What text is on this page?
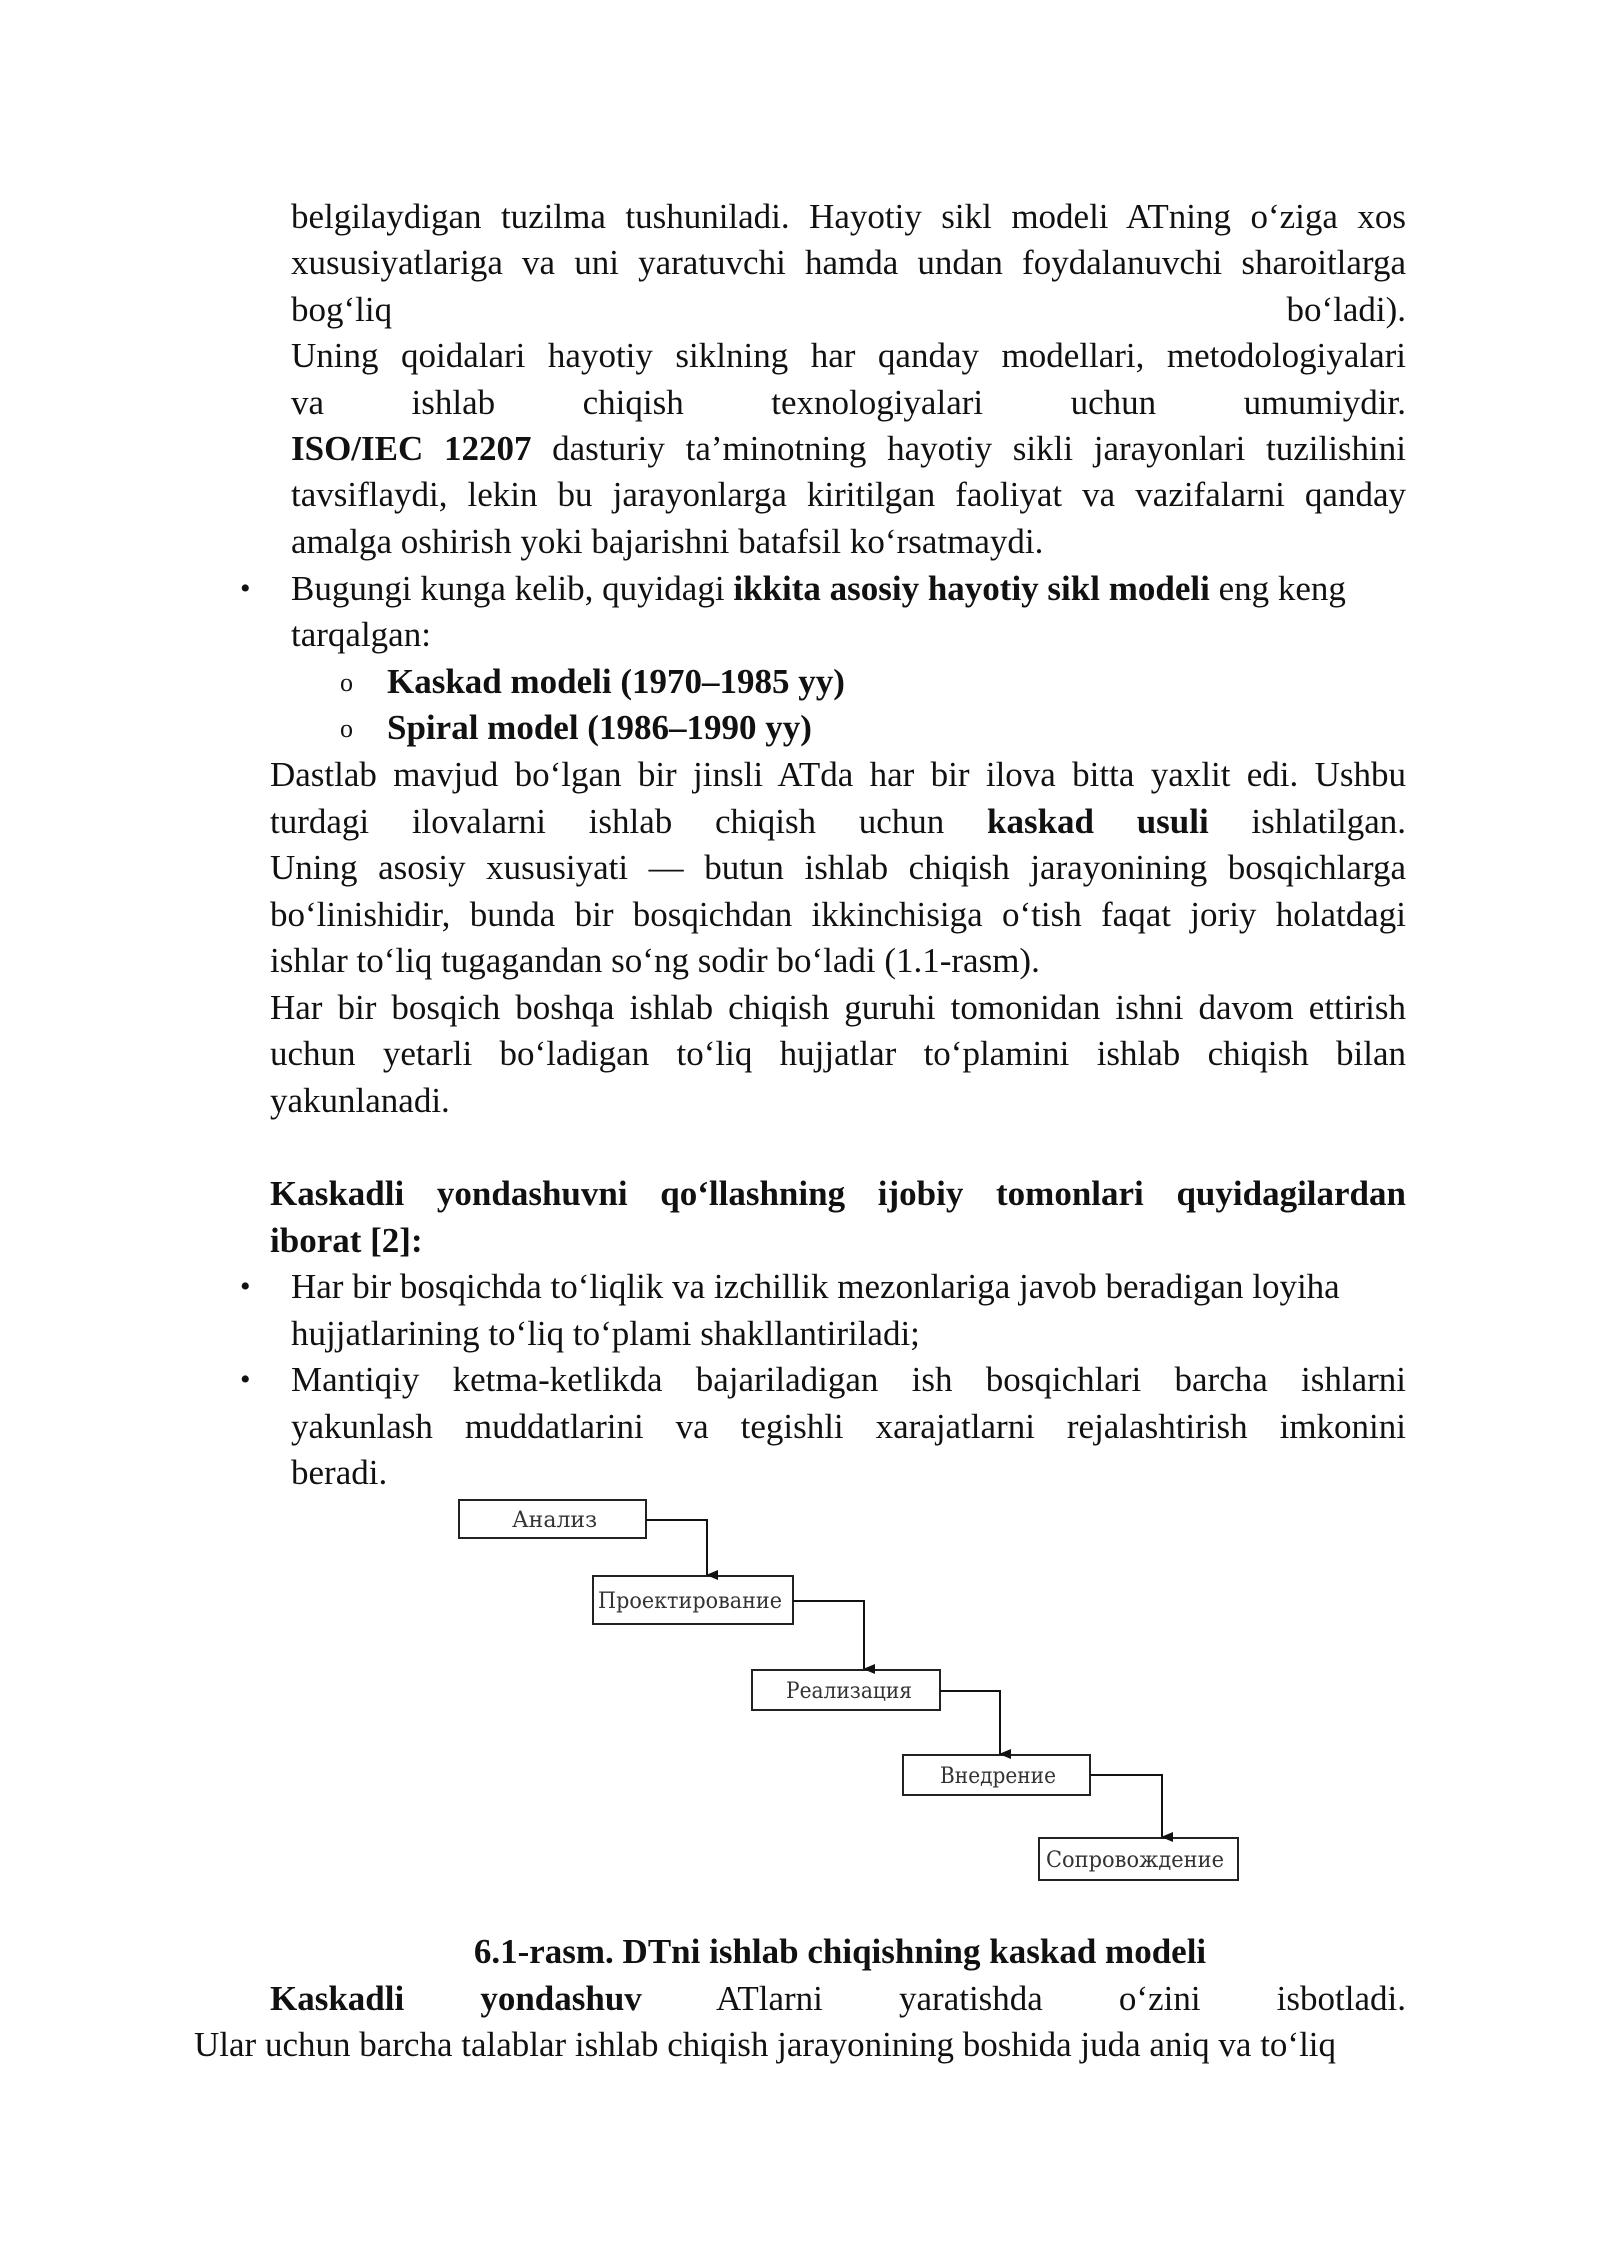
belgilaydigan tuzilma tushuniladi. Hayotiy sikl modeli ATning o‘ziga xos
xususiyatlariga va uni yaratuvchi hamda undan foydalanuvchi sharoitlarga
bog‘liq	bo‘ladi).
Uning qoidalari hayotiy siklning har qanday modellari, metodologiyalari
va ishlab chiqish texnologiyalari uchun umumiydir.
ISO/IEC 12207 dasturiy ta’minotning hayotiy sikli jarayonlari tuzilishini
tavsiflaydi, lekin bu jarayonlarga kiritilgan faoliyat va vazifalarni qanday
amalga oshirish yoki bajarishni batafsil ko‘rsatmaydi.
• Bugungi kunga kelib, quyidagi ikkita asosiy hayotiy sikl modeli eng keng
tarqalgan:
o Kaskad modeli (1970–1985 yy)
o Spiral model (1986–1990 yy)
Dastlab mavjud bo‘lgan bir jinsli ATda har bir ilova bitta yaxlit edi. Ushbu
turdagi ilovalarni ishlab chiqish uchun kaskad usuli ishlatilgan.
Uning asosiy xususiyati — butun ishlab chiqish jarayonining bosqichlarga
bo‘linishidir, bunda bir bosqichdan ikkinchisiga o‘tish faqat joriy holatdagi
ishlar to‘liq tugagandan so‘ng sodir bo‘ladi (1.1-rasm).
Har bir bosqich boshqa ishlab chiqish guruhi tomonidan ishni davom ettirish
uchun yetarli bo‘ladigan to‘liq hujjatlar to‘plamini ishlab chiqish bilan
yakunlanadi.
Kaskadli yondashuvni qo‘llashning ijobiy tomonlari quyidagilardan
iborat [2]:
• Har bir bosqichda to‘liqlik va izchillik mezonlariga javob beradigan loyiha
hujjatlarining to‘liq to‘plami shakllantiriladi;
• Mantiqiy ketma-ketlikda bajariladigan ish bosqichlari barcha ishlarni
yakunlash muddatlarini va tegishli xarajatlarni rejalashtirish imkonini
beradi.
Анализ
Проектирование
Реализация
Внедрение
Сопровождение
6.1-rasm. DTni ishlab chiqishning kaskad modeli
Kaskadli yondashuv ATlarni yaratishda o‘zini isbotladi.
Ular uchun barcha talablar ishlab chiqish jarayonining boshida juda aniq va to‘liq
